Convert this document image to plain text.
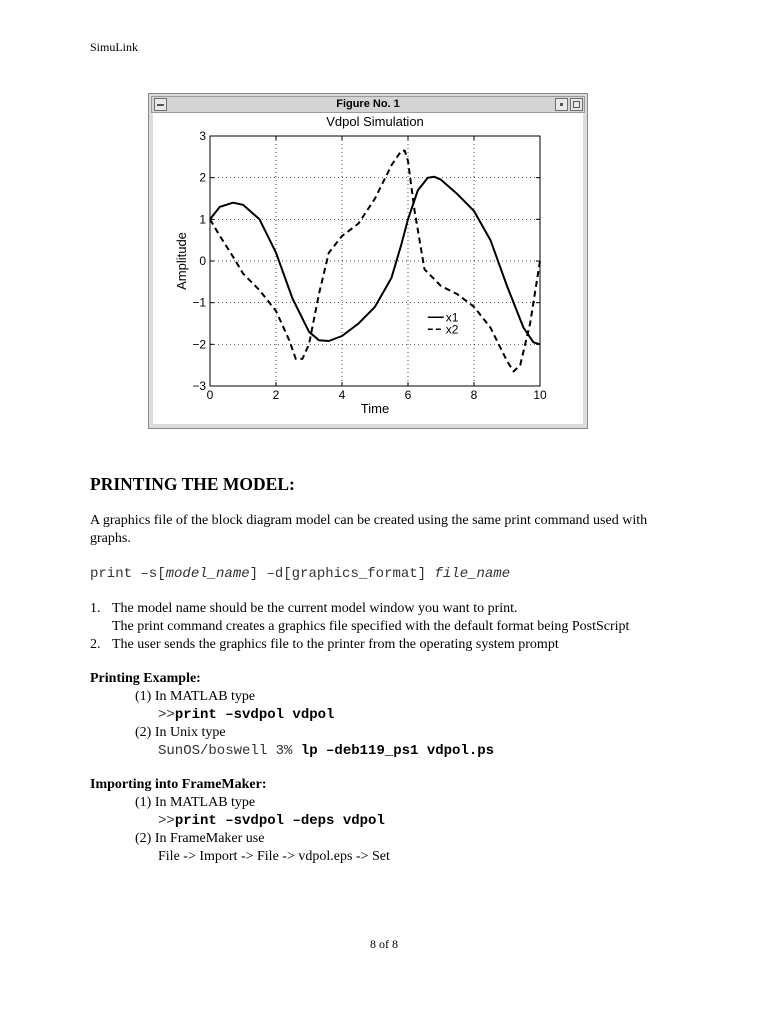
SimuLink
Figure No. 1
Vdpol Simulation
0	2	4	6	8	10
3
2
1
0
−1
−2
−3
Time
Amplitude
x1
x2
PRINTING THE MODEL:
A graphics file of the block diagram model can be created using the same print command used with graphs.
print –s[model_name] –d[graphics_format] file_name
1. The model name should be the current model window you want to print.
The print command creates a graphics file specified with the default format being PostScript
2. The user sends the graphics file to the printer from the operating system prompt
Printing Example:
(1) In MATLAB type
>>print –svdpol vdpol
(2) In Unix type
SunOS/boswell 3% lp –deb119_ps1 vdpol.ps
Importing into FrameMaker:
(1) In MATLAB type
>>print –svdpol –deps vdpol
(2) In FrameMaker use
File -> Import -> File -> vdpol.eps -> Set
8 of 8
